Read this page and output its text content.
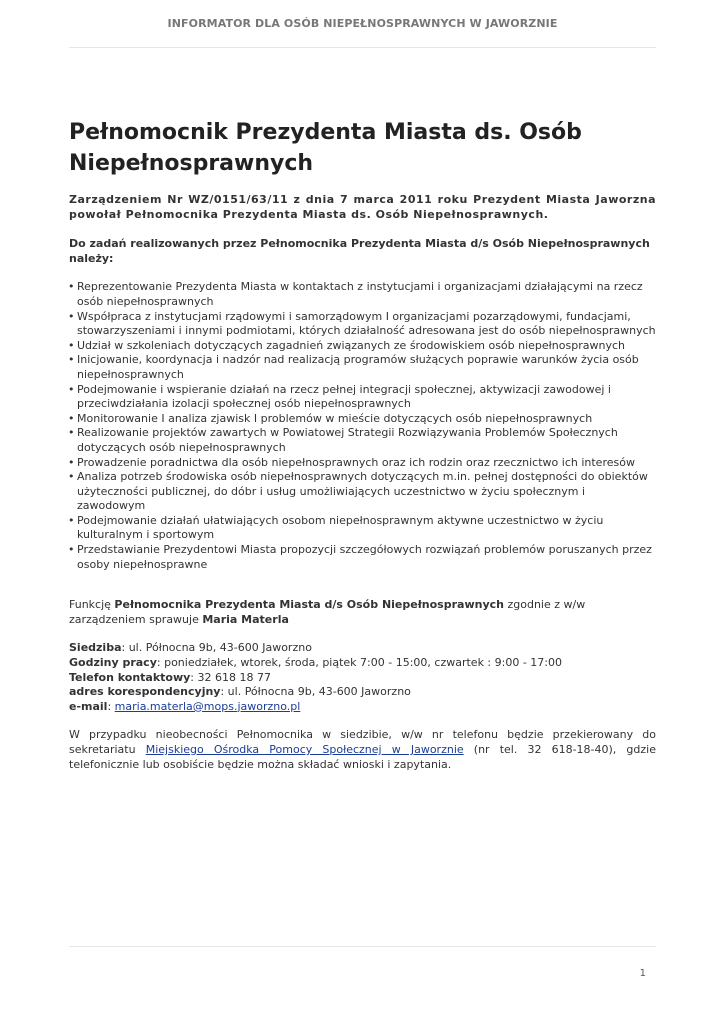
INFORMATOR DLA OSÓB NIEPEŁNOSPRAWNYCH W JAWORZNIE
Pełnomocnik Prezydenta Miasta ds. Osób Niepełnosprawnych

Zarządzeniem Nr WZ/0151/63/11 z dnia 7 marca 2011 roku Prezydent Miasta Jaworzna powołał Pełnomocnika Prezydenta Miasta ds. Osób Niepełnosprawnych.

Do zadań realizowanych przez Pełnomocnika Prezydenta Miasta d/s Osób Niepełnosprawnych należy:

• Reprezentowanie Prezydenta Miasta w kontaktach z instytucjami i organizacjami działającymi na rzecz osób niepełnosprawnych
• Współpraca z instytucjami rządowymi i samorządowym I organizacjami pozarządowymi, fundacjami, stowarzyszeniami i innymi podmiotami, których działalność adresowana jest do osób niepełnosprawnych
• Udział w szkoleniach dotyczących zagadnień związanych ze środowiskiem osób niepełnosprawnych
• Inicjowanie, koordynacja i nadzór nad realizacją programów służących poprawie warunków życia osób niepełnosprawnych
• Podejmowanie i wspieranie działań na rzecz pełnej integracji społecznej, aktywizacji zawodowej i przeciwdziałania izolacji społecznej osób niepełnosprawnych
• Monitorowanie I analiza zjawisk I problemów w mieście dotyczących osób niepełnosprawnych
• Realizowanie projektów zawartych w Powiatowej Strategii Rozwiązywania Problemów Społecznych dotyczących osób niepełnosprawnych
• Prowadzenie poradnictwa dla osób niepełnosprawnych oraz ich rodzin oraz rzecznictwo ich interesów
• Analiza potrzeb środowiska osób niepełnosprawnych dotyczących m.in. pełnej dostępności do obiektów użyteczności publicznej, do dóbr i usług umożliwiających uczestnictwo w życiu społecznym i zawodowym
• Podejmowanie działań ułatwiających osobom niepełnosprawnym aktywne uczestnictwo w życiu kulturalnym i sportowym
• Przedstawianie Prezydentowi Miasta propozycji szczegółowych rozwiązań problemów poruszanych przez osoby niepełnosprawne

Funkcję Pełnomocnika Prezydenta Miasta d/s Osób Niepełnosprawnych zgodnie z w/w zarządzeniem sprawuje Maria Materla

Siedziba: ul. Północna 9b, 43-600 Jaworzno
Godziny pracy: poniedziałek, wtorek, środa, piątek 7:00 - 15:00, czwartek : 9:00 - 17:00
Telefon kontaktowy: 32 618 18 77
adres korespondencyjny: ul. Północna 9b, 43-600 Jaworzno
e-mail: maria.materla@mops.jaworzno.pl

W przypadku nieobecności Pełnomocnika w siedzibie, w/w nr telefonu będzie przekierowany do sekretariatu Miejskiego Ośrodka Pomocy Społecznej w Jaworznie (nr tel. 32 618-18-40), gdzie telefonicznie lub osobiście będzie można składać wnioski i zapytania.

1
